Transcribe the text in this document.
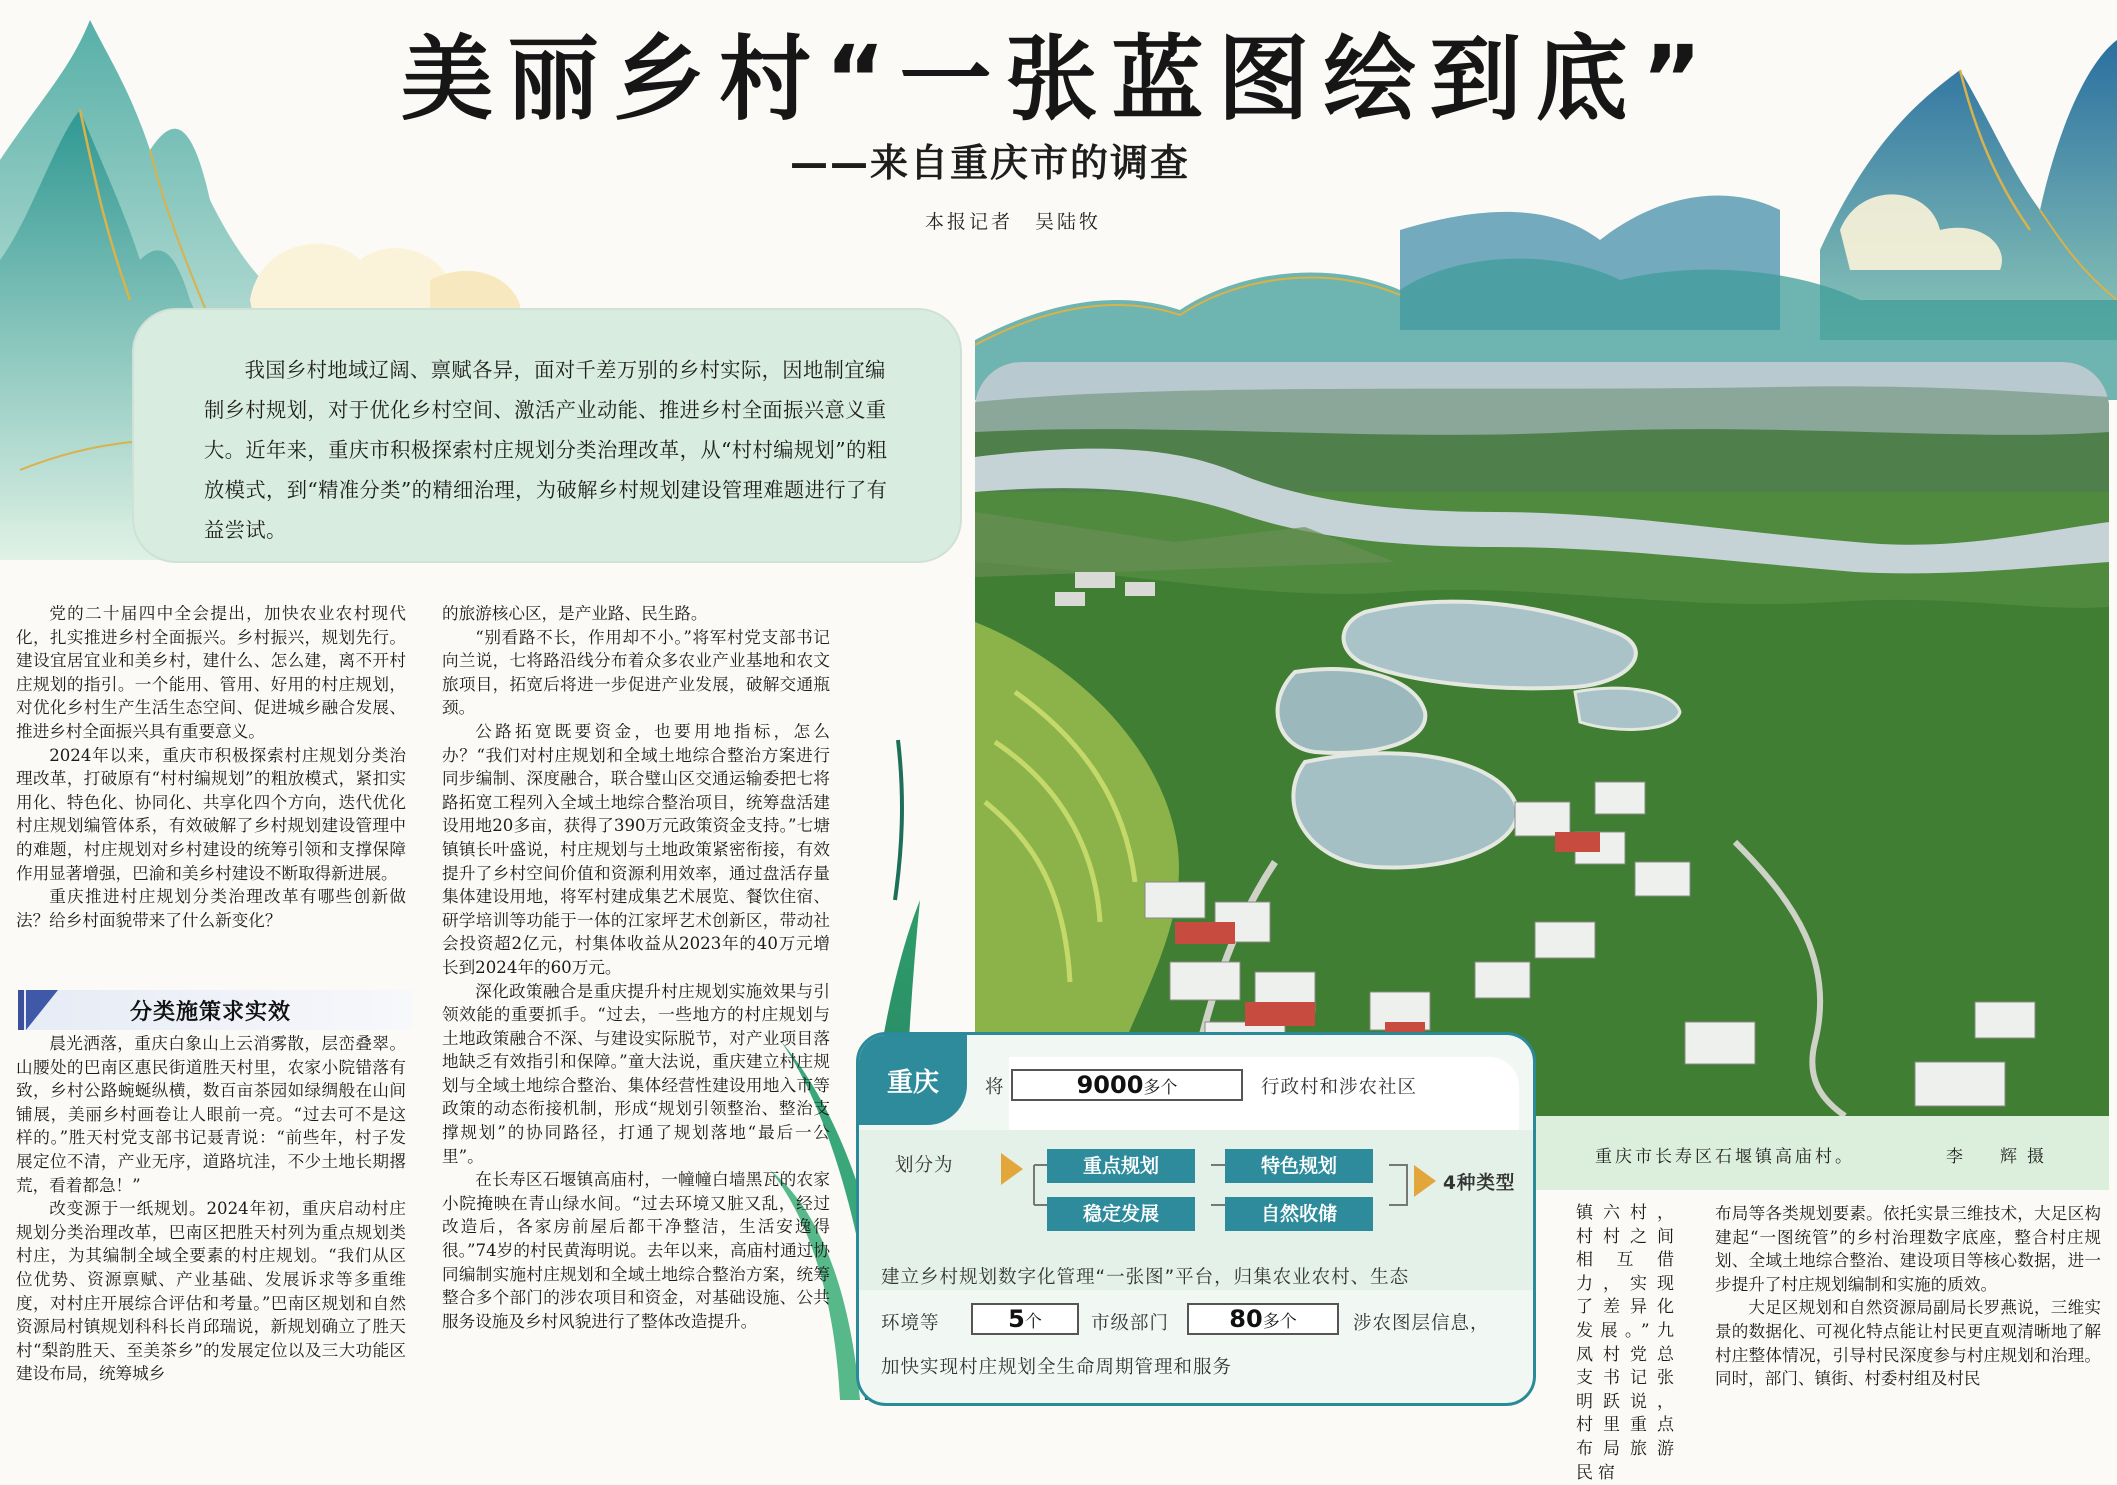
美丽乡村“一张蓝图绘到底”
——来自重庆市的调查
本报记者　吴陆牧

我国乡村地域辽阔、禀赋各异，面对千差万别的乡村实际，因地制宜编制乡村规划，对于优化乡村空间、激活产业动能、推进乡村全面振兴意义重大。近年来，重庆市积极探索村庄规划分类治理改革，从“村村编规划”的粗放模式，到“精准分类”的精细治理，为破解乡村规划建设管理难题进行了有益尝试。

党的二十届四中全会提出，加快农业农村现代化，扎实推进乡村全面振兴。乡村振兴，规划先行。建设宜居宜业和美乡村，建什么、怎么建，离不开村庄规划的指引。一个能用、管用、好用的村庄规划，对优化乡村生产生活生态空间、促进城乡融合发展、推进乡村全面振兴具有重要意义。

2024年以来，重庆市积极探索村庄规划分类治理改革，打破原有“村村编规划”的粗放模式，紧扣实用化、特色化、协同化、共享化四个方向，迭代优化村庄规划编管体系，有效破解了乡村规划建设管理中的难题，村庄规划对乡村建设的统筹引领和支撑保障作用显著增强，巴渝和美乡村建设不断取得新进展。

重庆推进村庄规划分类治理改革有哪些创新做法？给乡村面貌带来了什么新变化？

分类施策求实效

晨光洒落，重庆白象山上云消雾散，层峦叠翠。山腰处的巴南区惠民街道胜天村里，农家小院错落有致，乡村公路蜿蜒纵横，数百亩茶园如绿绸般在山间铺展，美丽乡村画卷让人眼前一亮。“过去可不是这样的。”胜天村党支部书记聂青说：“前些年，村子发展定位不清，产业无序，道路坑洼，不少土地长期撂荒，看着都急！”

改变源于一纸规划。2024年初，重庆启动村庄规划分类治理改革，巴南区把胜天村列为重点规划类村庄，为其编制全域全要素的村庄规划。“我们从区位优势、资源禀赋、产业基础、发展诉求等多重维度，对村庄开展综合评估和考量。”巴南区规划和自然资源局村镇规划科科长肖邱瑞说，新规划确立了胜天村“梨韵胜天、至美茶乡”的发展定位以及三大功能区建设布局，统筹城乡

的旅游核心区，是产业路、民生路。

“别看路不长，作用却不小。”将军村党支部书记向兰说，七将路沿线分布着众多农业产业基地和农文旅项目，拓宽后将进一步促进产业发展，破解交通瓶颈。

公路拓宽既要资金，也要用地指标，怎么办？“我们对村庄规划和全域土地综合整治方案进行同步编制、深度融合，联合璧山区交通运输委把七将路拓宽工程列入全域土地综合整治项目，统筹盘活建设用地20多亩，获得了390万元政策资金支持。”七塘镇镇长叶盛说，村庄规划与土地政策紧密衔接，有效提升了乡村空间价值和资源利用效率，通过盘活存量集体建设用地，将军村建成集艺术展览、餐饮住宿、研学培训等功能于一体的江家坪艺术创新区，带动社会投资超2亿元，村集体收益从2023年的40万元增长到2024年的60万元。

深化政策融合是重庆提升村庄规划实施效果与引领效能的重要抓手。“过去，一些地方的村庄规划与土地政策融合不深、与建设实际脱节，对产业项目落地缺乏有效指引和保障。”童大法说，重庆建立村庄规划与全域土地综合整治、集体经营性建设用地入市等政策的动态衔接机制，形成“规划引领整治、整治支撑规划”的协同路径，打通了规划落地“最后一公里”。

在长寿区石堰镇高庙村，一幢幢白墙黑瓦的农家小院掩映在青山绿水间。“过去环境又脏又乱，经过改造后，各家房前屋后都干净整洁，生活安逸得很。”74岁的村民黄海明说。去年以来，高庙村通过协同编制实施村庄规划和全域土地综合整治方案，统筹整合多个部门的涉农项目和资金，对基础设施、公共服务设施及乡村风貌进行了整体改造提升。

重庆市长寿区石堰镇高庙村。	李　辉摄

镇六村，村村之间相互借力，实现了差异化发展。”九凤村党总支书记张明跃说，村里重点布局旅游民宿

布局等各类规划要素。依托实景三维技术，大足区构建起“一图统管”的乡村治理数字底座，整合村庄规划、全域土地综合整治、建设项目等核心数据，进一步提升了村庄规划编制和实施的质效。

大足区规划和自然资源局副局长罗燕说，三维实景的数据化、可视化特点能让村民更直观清晰地了解村庄整体情况，引导村民深度参与村庄规划和治理。同时，部门、镇街、村委村组及村民

重庆	将	9000多个	行政村和涉农社区
划分为	重点规划	特色规划
稳定发展	自然收储
4种类型
建立乡村规划数字化管理“一张图”平台，归集农业农村、生态
环境等	5个	市级部门	80多个	涉农图层信息，
加快实现村庄规划全生命周期管理和服务
